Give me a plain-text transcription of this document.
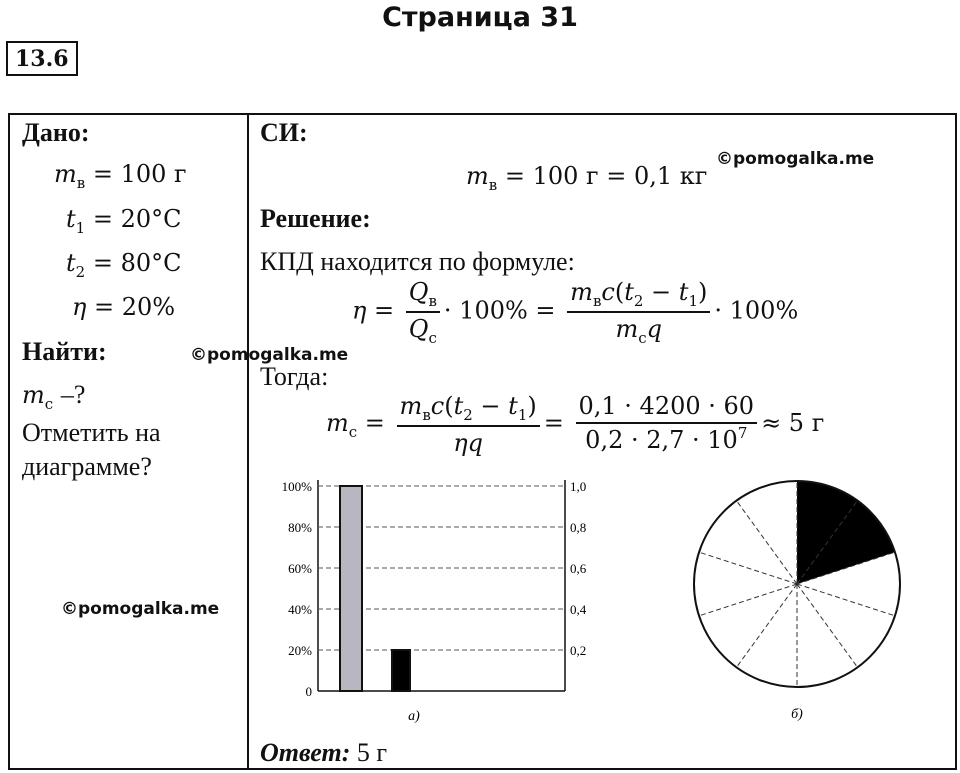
Страница 31
13.6
Дано:
$m_в = 100$ г
$t_1 = 20^\circ С$
$t_2 = 80^\circ С$
η = 20%
Найти:
$m_с$ –?
Отметить на
диаграмме?
©pomogalka.me
©pomogalka.me
©pomogalka.me
СИ:
$m_в = 100$ г = 0,1 кг
Решение:
КПД находится по формуле:
$\eta = \frac{Q_в}{Q_с} \cdot 100\% = \frac{m_вc(t_2 - t_1)}{m_сq} \cdot 100\%$
Тогда:
$m_с = \frac{m_вc(t_2 - t_1)}{\eta q} = \frac{0,1 \cdot 4200 \cdot 60}{0,2 \cdot 2,7 \cdot 10^7} \approx 5$ г
0
20%
40%
60%
80%
100%
0,2
0,4
0,6
0,8
1,0
а)	б)
Ответ: 5 г
